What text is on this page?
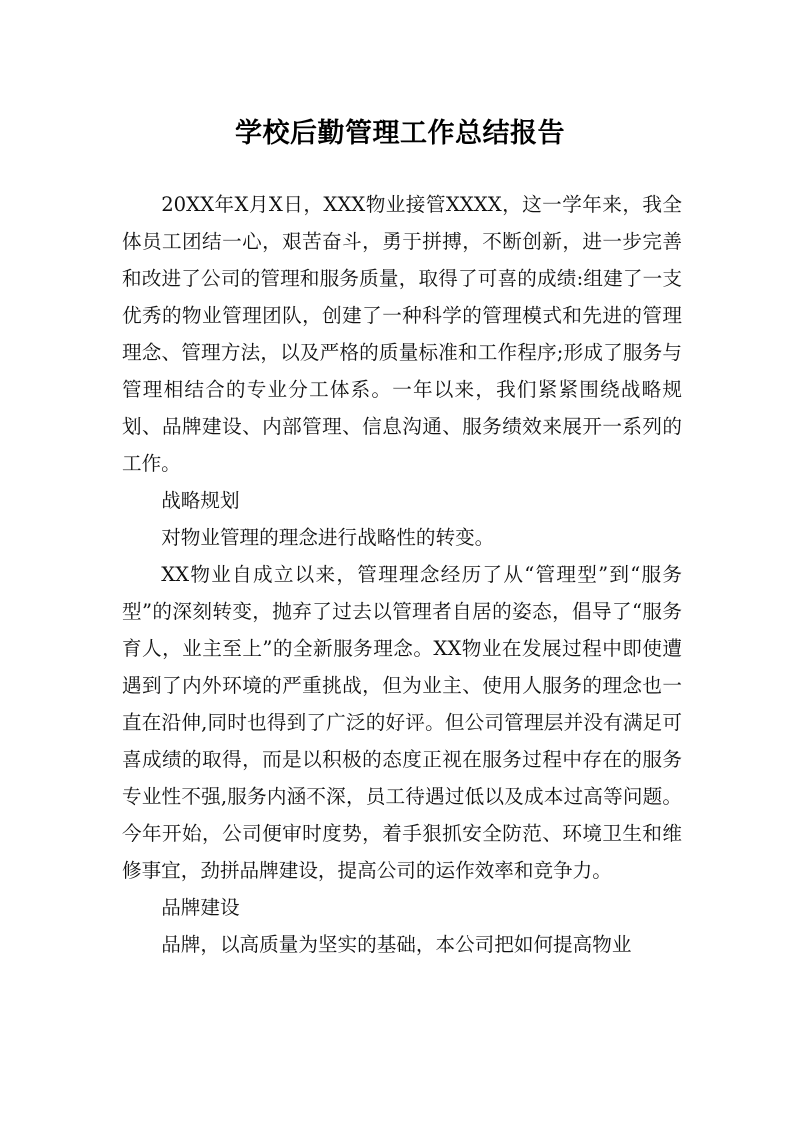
学校后勤管理工作总结报告

20XX年X月X日，XXX物业接管XXXX，这一学年来，我全体员工团结一心，艰苦奋斗，勇于拼搏，不断创新，进一步完善和改进了公司的管理和服务质量，取得了可喜的成绩:组建了一支优秀的物业管理团队，创建了一种科学的管理模式和先进的管理理念、管理方法，以及严格的质量标准和工作程序;形成了服务与管理相结合的专业分工体系。一年以来，我们紧紧围绕战略规划、品牌建设、内部管理、信息沟通、服务绩效来展开一系列的工作。

战略规划

对物业管理的理念进行战略性的转变。

XX物业自成立以来，管理理念经历了从“管理型”到“服务型”的深刻转变，抛弃了过去以管理者自居的姿态，倡导了“服务育人，业主至上”的全新服务理念。XX物业在发展过程中即使遭遇到了内外环境的严重挑战，但为业主、使用人服务的理念也一直在沿伸,同时也得到了广泛的好评。但公司管理层并没有满足可喜成绩的取得，而是以积极的态度正视在服务过程中存在的服务专业性不强,服务内涵不深，员工待遇过低以及成本过高等问题。今年开始，公司便审时度势，着手狠抓安全防范、环境卫生和维修事宜，劲拼品牌建设，提高公司的运作效率和竞争力。

品牌建设

品牌，以高质量为坚实的基础，本公司把如何提高物业
